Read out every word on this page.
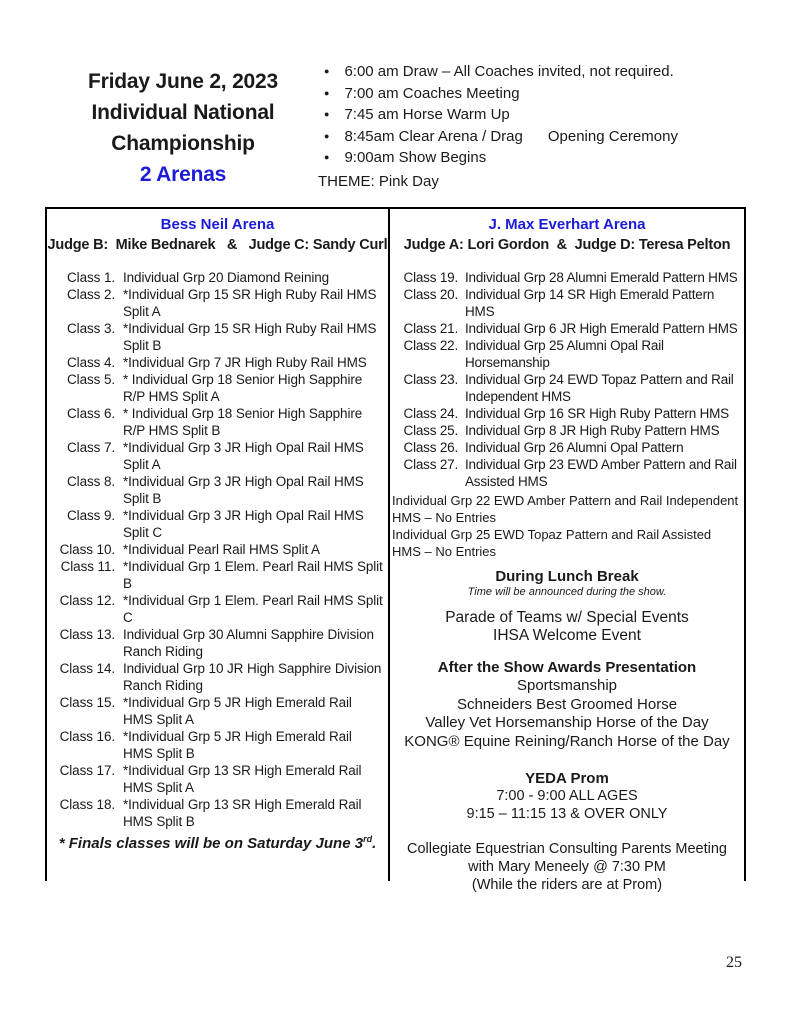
Friday June 2, 2023
Individual National
Championship
2 Arenas
● 6:00 am Draw – All Coaches invited, not required.
● 7:00 am Coaches Meeting
● 7:45 am Horse Warm Up
● 8:45am Clear Arena / Drag      Opening Ceremony
● 9:00am Show Begins
THEME: Pink Day
Bess Neil Arena
Judge B:  Mike Bednarek   &   Judge C: Sandy Curl
Class 1. Individual Grp 20 Diamond Reining
Class 2. *Individual Grp 15 SR High Ruby Rail HMS Split A
Class 3. *Individual Grp 15 SR High Ruby Rail HMS Split B
Class 4. *Individual Grp 7 JR High Ruby Rail HMS
Class 5. * Individual Grp 18 Senior High Sapphire R/P HMS Split A
Class 6. * Individual Grp 18 Senior High Sapphire R/P HMS Split B
Class 7. *Individual Grp 3 JR High Opal Rail HMS Split A
Class 8. *Individual Grp 3 JR High Opal Rail HMS Split B
Class 9. *Individual Grp 3 JR High Opal Rail HMS Split C
Class 10. *Individual Pearl Rail HMS Split A
Class 11. *Individual Grp 1 Elem. Pearl Rail HMS Split B
Class 12. *Individual Grp 1 Elem. Pearl Rail HMS Split C
Class 13. Individual Grp 30 Alumni Sapphire Division Ranch Riding
Class 14. Individual Grp 10 JR High Sapphire Division Ranch Riding
Class 15. *Individual Grp 5 JR High Emerald Rail HMS Split A
Class 16. *Individual Grp 5 JR High Emerald Rail HMS Split B
Class 17. *Individual Grp 13 SR High Emerald Rail HMS Split A
Class 18. *Individual Grp 13 SR High Emerald Rail HMS Split B
* Finals classes will be on Saturday June 3rd.
J. Max Everhart Arena
Judge A: Lori Gordon  &  Judge D: Teresa Pelton
Class 19. Individual Grp 28 Alumni Emerald Pattern HMS
Class 20. Individual Grp 14 SR High Emerald Pattern HMS
Class 21. Individual Grp 6 JR High Emerald Pattern HMS
Class 22. Individual Grp 25 Alumni Opal Rail Horsemanship
Class 23. Individual Grp 24 EWD Topaz Pattern and Rail Independent HMS
Class 24. Individual Grp 16 SR High Ruby Pattern HMS
Class 25. Individual Grp 8 JR High Ruby Pattern HMS
Class 26. Individual Grp 26 Alumni Opal Pattern
Class 27. Individual Grp 23 EWD Amber Pattern and Rail Assisted HMS
Individual Grp 22 EWD Amber Pattern and Rail Independent HMS – No Entries
Individual Grp 25 EWD Topaz Pattern and Rail Assisted HMS – No Entries
During Lunch Break
Time will be announced during the show.
Parade of Teams w/ Special Events
IHSA Welcome Event
After the Show Awards Presentation
Sportsmanship
Schneiders Best Groomed Horse
Valley Vet Horsemanship Horse of the Day
KONG® Equine Reining/Ranch Horse of the Day
YEDA Prom
7:00 - 9:00 ALL AGES
9:15 – 11:15 13 & OVER ONLY
Collegiate Equestrian Consulting Parents Meeting
with Mary Meneely @ 7:30 PM
(While the riders are at Prom)
25
